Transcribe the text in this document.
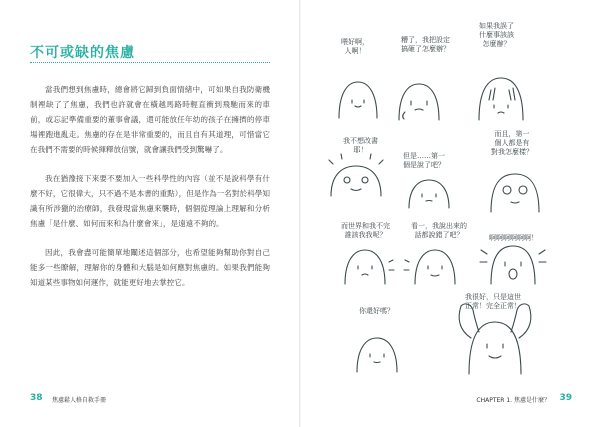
不可或缺的焦慮

當我們想到焦慮時，總會將它歸到負面情緒中，可如果自我防衛機制裡缺了了焦慮，我們也許就會在橫越馬路時輕直衝到飛馳而來的車前，或忘記準備重要的董事會議，還可能放任年幼的孩子在擁擠的停車場裡跑進亂走。焦慮的存在是非常重要的，而且自有其道理，可惜當它在我們不需要的時候揮釋放信號，就會讓我們受到驚嚇了。

我在猶豫接下來要不要加入一些科學性的內容（並不是說科學有什麼不好，它很偉大，只不過不是本書的重點），但是作為一名對於科學知識有所涉獵的治療師，我發現當焦慮來襲時，個個從理論上理解和分析焦慮「是什麼、如何而來和為什麼會來」，是遠遠不夠的。

因此，我會盡可能簡單地闡述這個部分，也希望能夠幫助你對自己能多一些瞭解，理解你的身體和大腦是如何應對焦慮的。如果我們能夠知道某些事物如何運作，就能更好地去掌控它。

38 焦慮鬆人格自救手冊
喂好啊，
人啊！
糟了，我把設定
搞砸了怎麼辦？
如果我誤了
什麼事該該
怎麼辦？
我不想改書
耶！
但是……第一
個是說了吧？
而且，第一
個人都是有
對我怎麼樣？
而世界和我不完
誰該我我呢？
看一，我說出來的
話都說錯了吧？	啊啊啊啊啊啊！
你還好嗎？
我很好，只是這世
正常！完全正常！
CHAPTER 1. 焦慮是什麼？ 39
